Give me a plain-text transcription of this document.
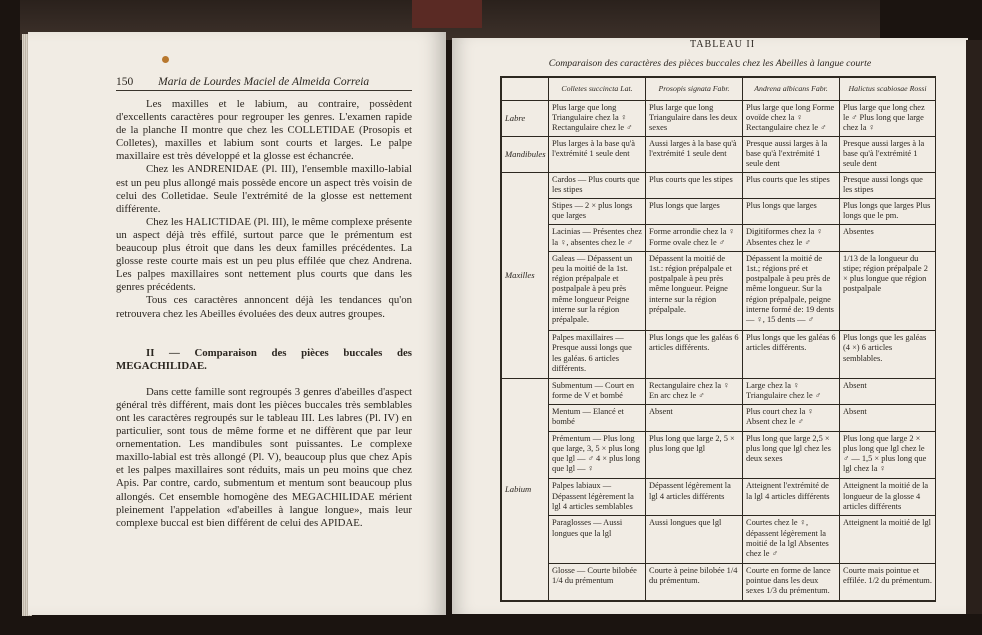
150 Maria de Lourdes Maciel de Almeida Correia

Les maxilles et le labium, au contraire, possèdent d'excellents caractères pour regrouper les genres. L'examen rapide de la planche II montre que chez les COLLETIDAE (Prosopis et Colletes), maxilles et labium sont courts et larges. Le palpe maxillaire est très développé et la glosse est échancrée.

Chez les ANDRENIDAE (Pl. III), l'ensemble maxillo-labial est un peu plus allongé mais possède encore un aspect très voisin de celui des Colletidae. Seule l'extrémité de la glosse est nettement différente.

Chez les HALICTIDAE (Pl. III), le même complexe présente un aspect déjà très effilé, surtout parce que le prémentum est beaucoup plus étroit que dans les deux familles précédentes. La glosse reste courte mais est un peu plus effilée que chez Andrena. Les palpes maxillaires sont nettement plus courts que dans les genres précédents.

Tous ces caractères annoncent déjà les tendances qu'on retrouvera chez les Abeilles évoluées des deux autres groupes.

II — Comparaison des pièces buccales des MEGACHILIDAE.

Dans cette famille sont regroupés 3 genres d'abeilles d'aspect général très différent, mais dont les pièces buccales très semblables ont les caractères regroupés sur le tableau III. Les labres (Pl. IV) en particulier, sont tous de même forme et ne diffèrent que par leur ornementation. Les mandibules sont puissantes. Le complexe maxillo-labial est très allongé (Pl. V), beaucoup plus que chez Apis et les palpes maxillaires sont réduits, mais un peu moins que chez Apis. Par contre, cardo, submentum et mentum sont beaucoup plus allongés. Cet ensemble homogène des MEGACHILIDAE mérient pleinement l'appelation «d'abeilles à langue longue», mais leur complexe buccal est bien différent de celui des APIDAE.

TABLEAU II
Comparaison des caractères des pièces buccales chez les Abeilles à langue courte
	Colletes succincta Lat.	Prosopis signata Fabr.	Andrena albicans Fabr.	Halictus scabiosae Rossi
Labre	Plus large que long Triangulaire chez la ♀ Rectangulaire chez le ♂	Plus large que long Triangulaire dans les deux sexes	Plus large que long Forme ovoïde chez la ♀ Rectangulaire chez le ♂	Plus large que long chez le ♂ Plus long que large chez la ♀
Mandibules	Plus larges à la base qu'à l'extrémité 1 seule dent	Aussi larges à la base qu'à l'extrémité 1 seule dent	Presque aussi larges à la base qu'à l'extrémité 1 seule dent	Presque aussi larges à la base qu'à l'extrémité 1 seule dent
Maxilles	Cardos — Plus courts que les stipes	Plus courts que les stipes	Plus courts que les stipes	Presque aussi longs que les stipes
	Stipes — 2 × plus longs que larges	Plus longs que larges	Plus longs que larges	Plus longs que larges Plus longs que le pm.
	Lacinias — Présentes chez la ♀, absentes chez le ♂	Forme arrondie chez la ♀ Forme ovale chez le ♂	Digitiformes chez la ♀ Absentes chez le ♂	Absentes
	Galeas — Dépassent un peu la moitié de la 1st. région prépalpale et postpalpale à peu près même longueur Peigne interne sur la région prépalpale.	Dépassent la moitié de 1st.: région prépalpale et postpalpale à peu près même longueur. Peigne interne sur la région prépalpale.	Dépassent la moitié de 1st.; régions pré et postpalpale à peu près de même longueur. Sur la région prépalpale, peigne interne formé de: 19 dents — ♀, 15 dents — ♂	1/13 de la longueur du stipe; région prépalpale 2 × plus longue que région postpalpale
	Palpes maxillaires — Presque aussi longs que les galéas. 6 articles différents.	Plus longs que les galéas 6 articles différents.	Plus longs que les galéas 6 articles différents.	Plus longs que les galéas (4 ×) 6 articles semblables.
Labium	Submentum — Court en forme de V et bombé	Rectangulaire chez la ♀ En arc chez le ♂	Large chez la ♀ Triangulaire chez le ♂	Absent
	Mentum — Elancé et bombé	Absent	Plus court chez la ♀ Absent chez le ♂	Absent
	Prémentum — Plus long que large, 3, 5 × plus long que lgl — ♂ 4 × plus long que lgl — ♀	Plus long que large 2, 5 × plus long que lgl	Plus long que large 2,5 × plus long que lgl chez les deux sexes	Plus long que large 2 × plus long que lgl chez le ♂ — 1,5 × plus long que lgl chez la ♀
	Palpes labiaux — Dépassent légèrement la lgl 4 articles semblables	Dépassent légèrement la lgl 4 articles différents	Atteignent l'extrémité de la lgl 4 articles différents	Atteignent la moitié de la longueur de la glosse 4 articles différents
	Paraglosses — Aussi longues que la lgl	Aussi longues que lgl	Courtes chez le ♀, dépassent légèrement la moitié de la lgl Absentes chez le ♂	Atteignent la moitié de lgl
	Glosse — Courte bilobée 1/4 du prémentum	Courte à peine bilobée 1/4 du prémentum.	Courte en forme de lance pointue dans les deux sexes 1/3 du prémentum.	Courte mais pointue et effilée. 1/2 du prémentum.
